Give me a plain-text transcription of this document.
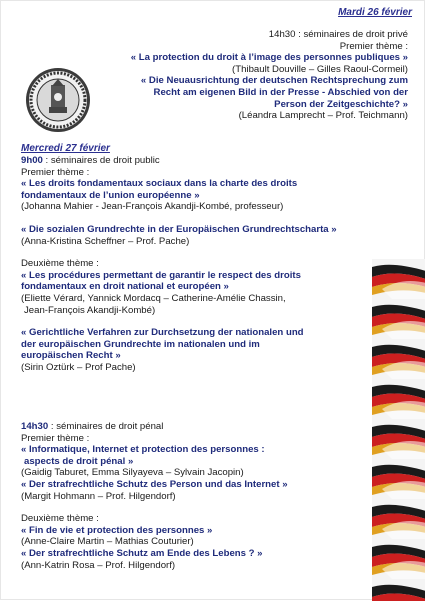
Mardi 26 février
14h30 : séminaires de droit privé
Premier thème :
« La protection du droit à l’image des personnes publiques »
(Thibault Douville – Gilles Raoul-Cormeil)
« Die Neuausrichtung der deutschen Rechtsprechung zum
Recht am eigenen Bild in der Presse - Abschied von der
Person der Zeitgeschichte? »
(Léandra Lamprecht – Prof. Teichmann)
Mercredi 27 février
9h00 : séminaires de droit public
Premier thème :
« Les droits fondamentaux sociaux dans la charte des droits
fondamentaux de l’union européenne »
(Johanna Mahier - Jean-François Akandji-Kombé, professeur)
« Die sozialen Grundrechte in der Europäischen Grundrechtscharta »
(Anna-Kristina Scheffner – Prof. Pache)
Deuxième thème :
« Les procédures permettant de garantir le respect des droits
fondamentaux en droit national et européen »
(Eliette Vérard, Yannick Mordacq – Catherine-Amélie Chassin,
Jean-François Akandji-Kombé)
« Gerichtliche Verfahren zur Durchsetzung der nationalen und
der europäischen Grundrechte im nationalen und im
europäischen Recht »
(Sirin Oztürk – Prof Pache)
14h30 : séminaires de droit pénal
Premier thème :
« Informatique, Internet et protection des personnes :
aspects de droit pénal »
(Gaidig Taburet, Emma Silyayeva – Sylvain Jacopin)
« Der strafrechtliche Schutz des Person und das Internet »
(Margit Hohmann – Prof. Hilgendorf)
Deuxième thème :
« Fin de vie et protection des personnes »
(Anne-Claire Martin – Mathias Couturier)
« Der strafrechtliche Schutz am Ende des Lebens ? »
(Ann-Katrin Rosa – Prof. Hilgendorf)
